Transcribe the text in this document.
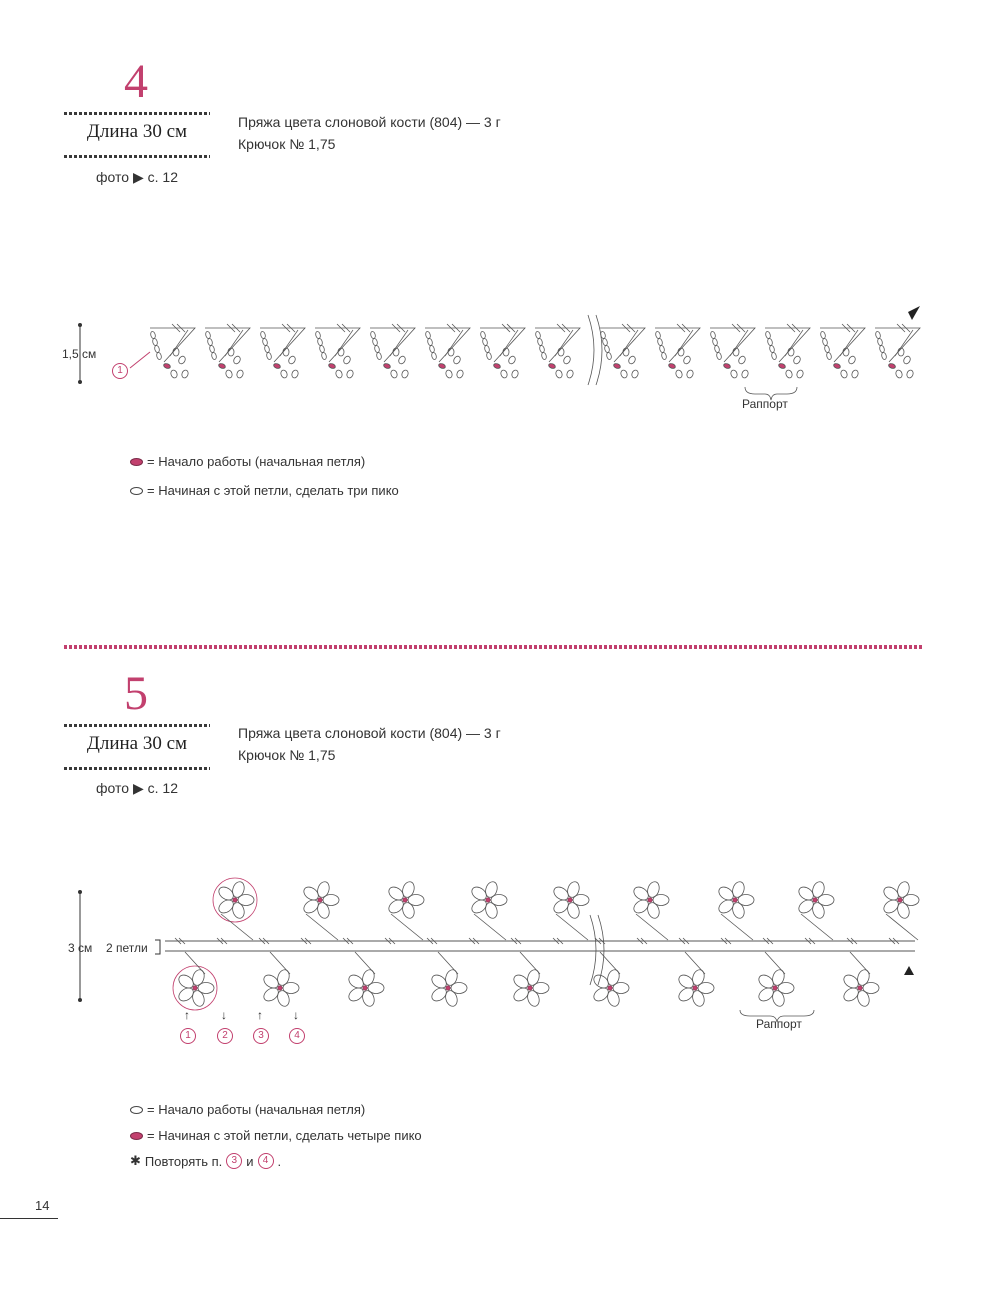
4
Длина 30 см
фото ▶ с. 12
Пряжа цвета слоновой кости (804) — 3 г
Крючок № 1,75
1,5 см
1
Раппорт
= Начало работы (начальная петля)
= Начиная с этой петли, сделать три пико
5
Длина 30 см
фото ▶ с. 12
Пряжа цвета слоновой кости (804) — 3 г
Крючок № 1,75
3 см 2 петли
Раппорт
↑
1
↓
2
↑
3
↓
4
= Начало работы (начальная петля)
= Начиная с этой петли, сделать четыре пико
✱ Повторять п. 3 и 4 .
14
